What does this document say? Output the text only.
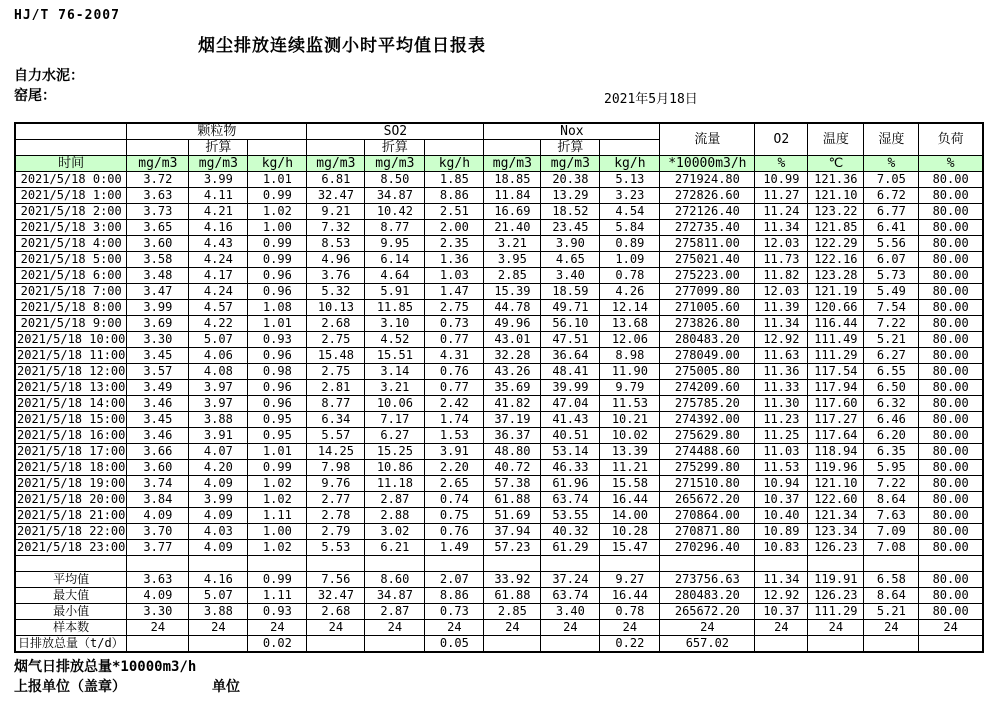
HJ/T 76-2007
烟尘排放连续监测小时平均值日报表
自力水泥：
窑尾：	2021年5月18日
	颗粒物			SO2			Nox			流量	O2	温度	湿度	负荷
		折算			折算			折算						
时间	mg/m3	mg/m3	kg/h	mg/m3	mg/m3	kg/h	mg/m3	mg/m3	kg/h	*10000m3/h	%	℃	%	%
2021/5/18 0:00	3.72	3.99	1.01	6.81	8.50	1.85	18.85	20.38	5.13	271924.80	10.99	121.36	7.05	80.00
2021/5/18 1:00	3.63	4.11	0.99	32.47	34.87	8.86	11.84	13.29	3.23	272826.60	11.27	121.10	6.72	80.00
2021/5/18 2:00	3.73	4.21	1.02	9.21	10.42	2.51	16.69	18.52	4.54	272126.40	11.24	123.22	6.77	80.00
2021/5/18 3:00	3.65	4.16	1.00	7.32	8.77	2.00	21.40	23.45	5.84	272735.40	11.34	121.85	6.41	80.00
2021/5/18 4:00	3.60	4.43	0.99	8.53	9.95	2.35	3.21	3.90	0.89	275811.00	12.03	122.29	5.56	80.00
2021/5/18 5:00	3.58	4.24	0.99	4.96	6.14	1.36	3.95	4.65	1.09	275021.40	11.73	122.16	6.07	80.00
2021/5/18 6:00	3.48	4.17	0.96	3.76	4.64	1.03	2.85	3.40	0.78	275223.00	11.82	123.28	5.73	80.00
2021/5/18 7:00	3.47	4.24	0.96	5.32	5.91	1.47	15.39	18.59	4.26	277099.80	12.03	121.19	5.49	80.00
2021/5/18 8:00	3.99	4.57	1.08	10.13	11.85	2.75	44.78	49.71	12.14	271005.60	11.39	120.66	7.54	80.00
2021/5/18 9:00	3.69	4.22	1.01	2.68	3.10	0.73	49.96	56.10	13.68	273826.80	11.34	116.44	7.22	80.00
2021/5/18 10:00	3.30	5.07	0.93	2.75	4.52	0.77	43.01	47.51	12.06	280483.20	12.92	111.49	5.21	80.00
2021/5/18 11:00	3.45	4.06	0.96	15.48	15.51	4.31	32.28	36.64	8.98	278049.00	11.63	111.29	6.27	80.00
2021/5/18 12:00	3.57	4.08	0.98	2.75	3.14	0.76	43.26	48.41	11.90	275005.80	11.36	117.54	6.55	80.00
2021/5/18 13:00	3.49	3.97	0.96	2.81	3.21	0.77	35.69	39.99	9.79	274209.60	11.33	117.94	6.50	80.00
2021/5/18 14:00	3.46	3.97	0.96	8.77	10.06	2.42	41.82	47.04	11.53	275785.20	11.30	117.60	6.32	80.00
2021/5/18 15:00	3.45	3.88	0.95	6.34	7.17	1.74	37.19	41.43	10.21	274392.00	11.23	117.27	6.46	80.00
2021/5/18 16:00	3.46	3.91	0.95	5.57	6.27	1.53	36.37	40.51	10.02	275629.80	11.25	117.64	6.20	80.00
2021/5/18 17:00	3.66	4.07	1.01	14.25	15.25	3.91	48.80	53.14	13.39	274488.60	11.03	118.94	6.35	80.00
2021/5/18 18:00	3.60	4.20	0.99	7.98	10.86	2.20	40.72	46.33	11.21	275299.80	11.53	119.96	5.95	80.00
2021/5/18 19:00	3.74	4.09	1.02	9.76	11.18	2.65	57.38	61.96	15.58	271510.80	10.94	121.10	7.22	80.00
2021/5/18 20:00	3.84	3.99	1.02	2.77	2.87	0.74	61.88	63.74	16.44	265672.20	10.37	122.60	8.64	80.00
2021/5/18 21:00	4.09	4.09	1.11	2.78	2.88	0.75	51.69	53.55	14.00	270864.00	10.40	121.34	7.63	80.00
2021/5/18 22:00	3.70	4.03	1.00	2.79	3.02	0.76	37.94	40.32	10.28	270871.80	10.89	123.34	7.09	80.00
2021/5/18 23:00	3.77	4.09	1.02	5.53	6.21	1.49	57.23	61.29	15.47	270296.40	10.83	126.23	7.08	80.00

平均值	3.63	4.16	0.99	7.56	8.60	2.07	33.92	37.24	9.27	273756.63	11.34	119.91	6.58	80.00
最大值	4.09	5.07	1.11	32.47	34.87	8.86	61.88	63.74	16.44	280483.20	12.92	126.23	8.64	80.00
最小值	3.30	3.88	0.93	2.68	2.87	0.73	2.85	3.40	0.78	265672.20	10.37	111.29	5.21	80.00
样本数	24	24	24	24	24	24	24	24	24	24	24	24	24	24
日排放总量（t/d）			0.02			0.05			0.22	657.02				
烟气日排放总量*10000m3/h
上报单位（盖章）	单位
